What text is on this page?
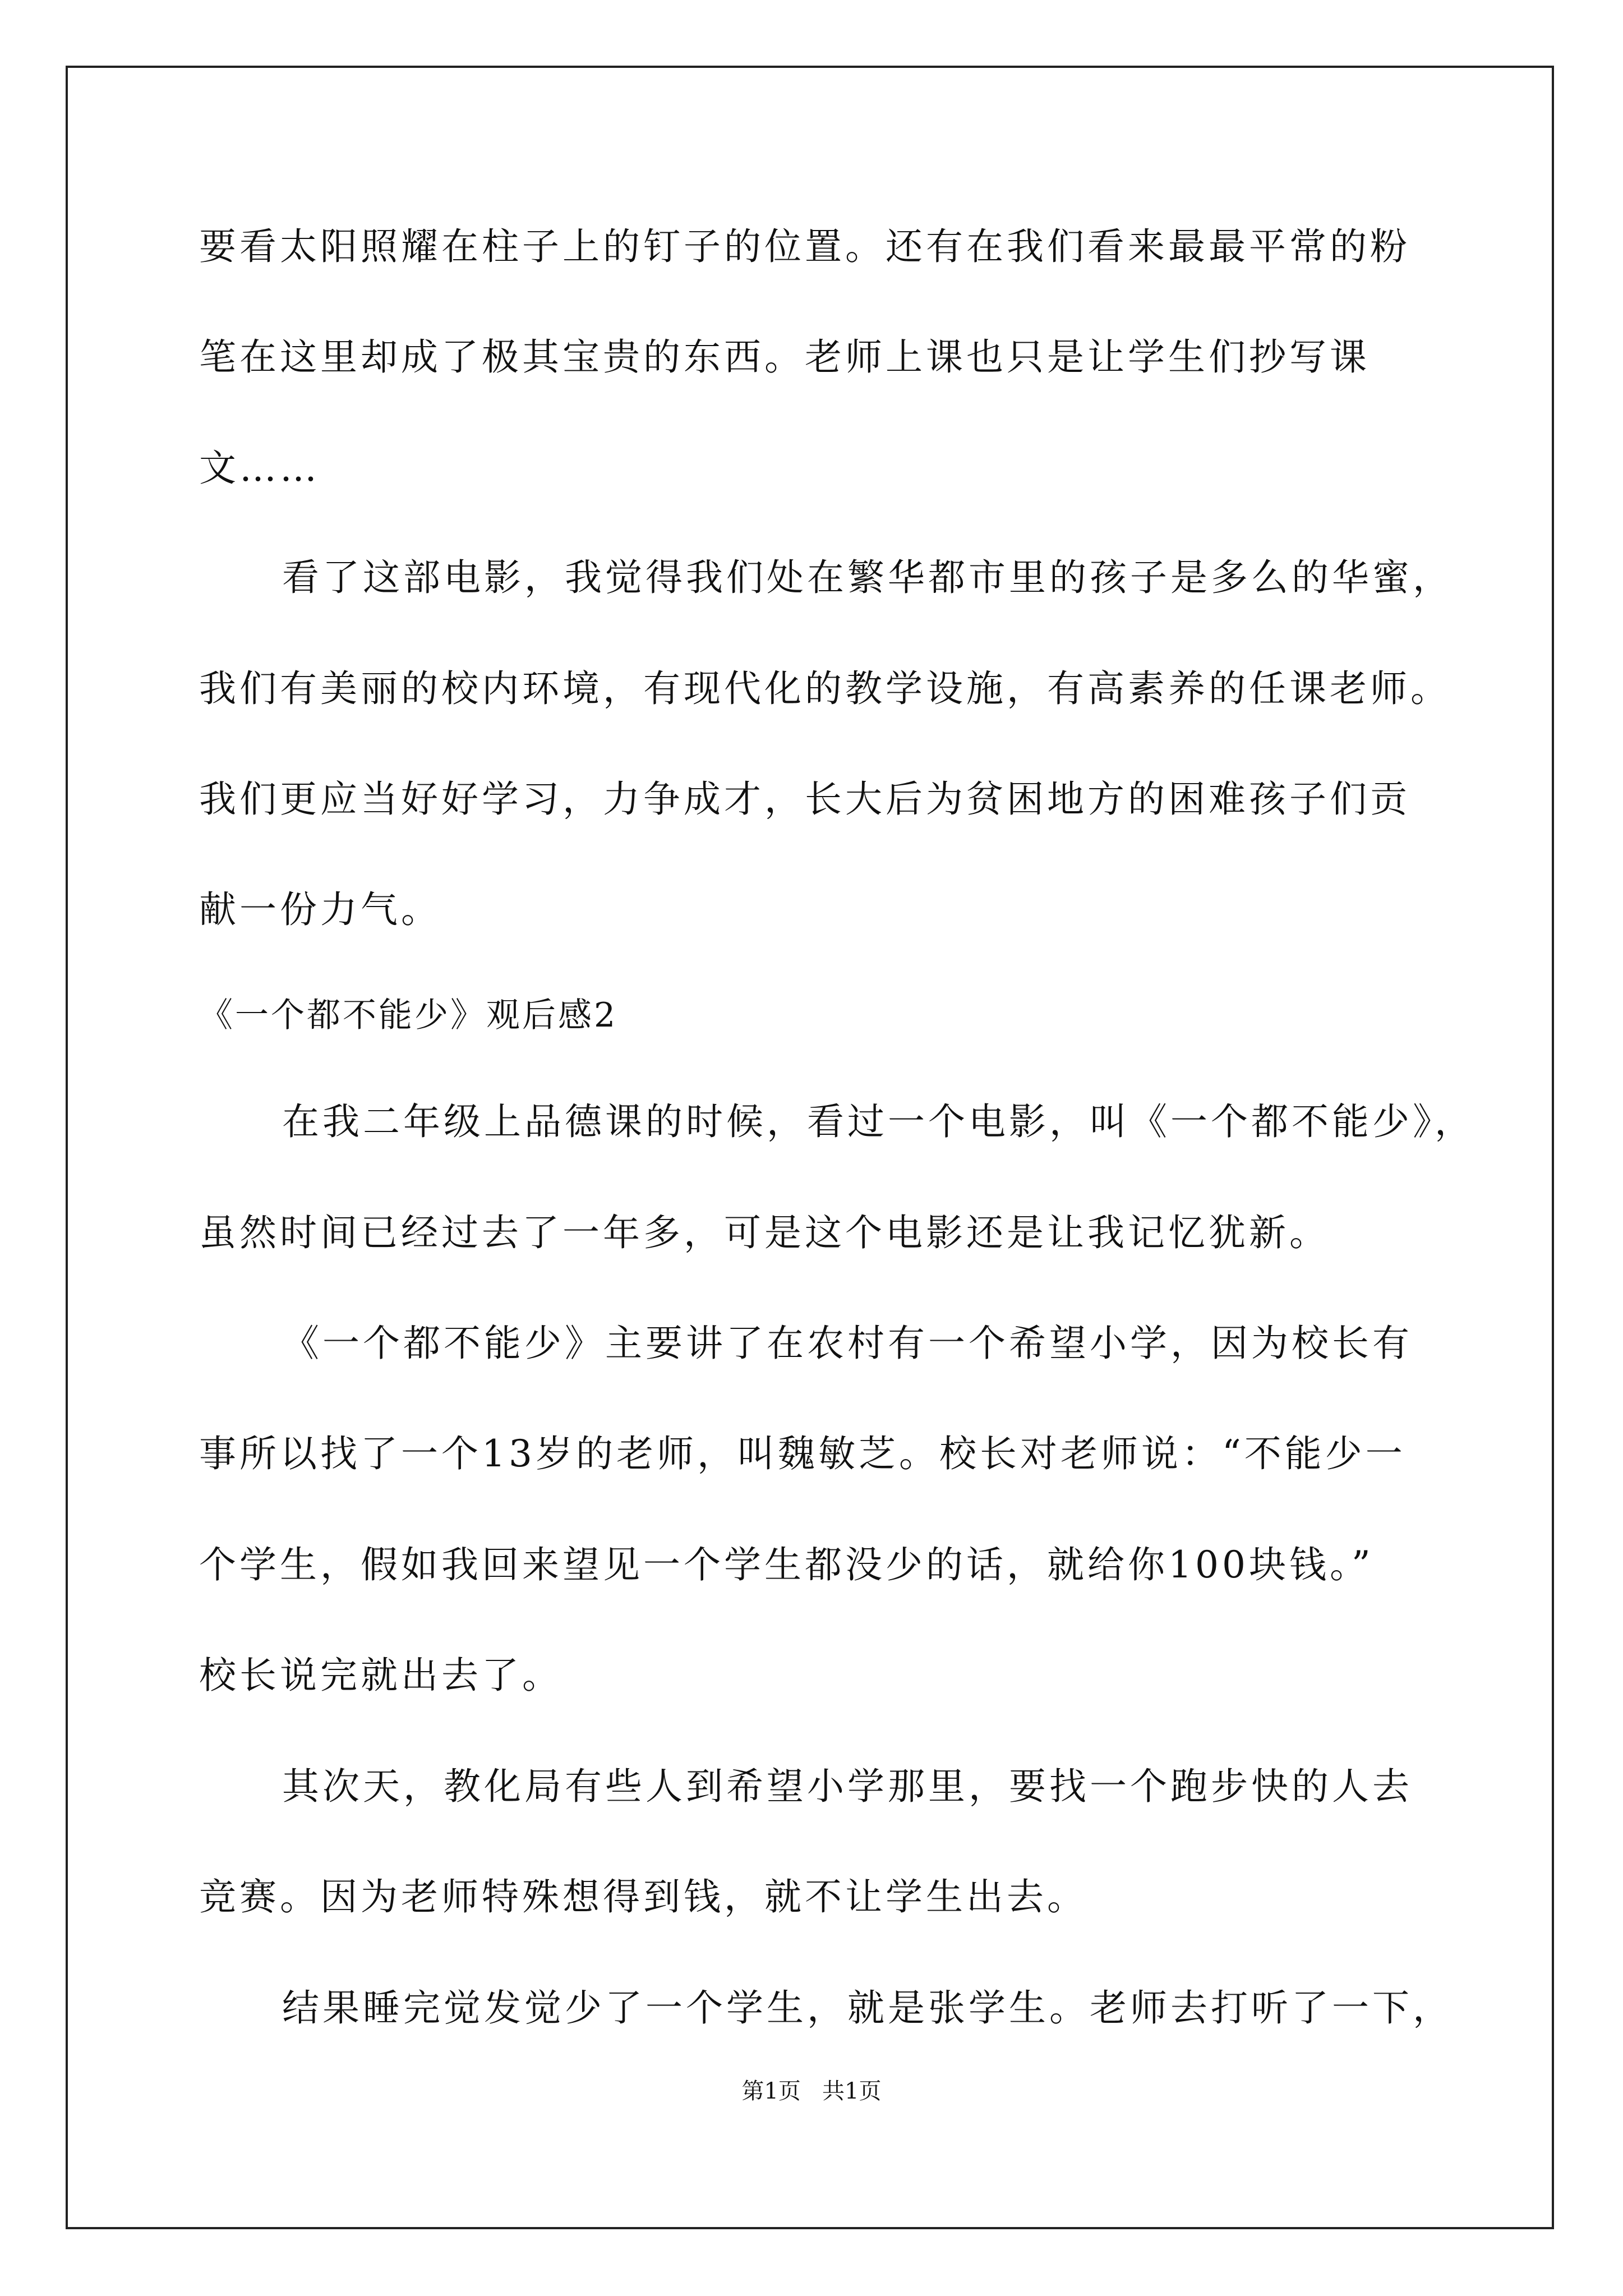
要看太阳照耀在柱子上的钉子的位置。还有在我们看来最最平常的粉
笔在这里却成了极其宝贵的东西。老师上课也只是让学生们抄写课
文……
看了这部电影，我觉得我们处在繁华都市里的孩子是多么的华蜜，
我们有美丽的校内环境，有现代化的教学设施，有高素养的任课老师。
我们更应当好好学习，力争成才，长大后为贫困地方的困难孩子们贡
献一份力气。
《一个都不能少》观后感2
在我二年级上品德课的时候，看过一个电影，叫《一个都不能少》，
虽然时间已经过去了一年多，可是这个电影还是让我记忆犹新。
《一个都不能少》主要讲了在农村有一个希望小学，因为校长有
事所以找了一个13岁的老师，叫魏敏芝。校长对老师说：“不能少一
个学生，假如我回来望见一个学生都没少的话，就给你100块钱。”
校长说完就出去了。
其次天，教化局有些人到希望小学那里，要找一个跑步快的人去
竞赛。因为老师特殊想得到钱，就不让学生出去。
结果睡完觉发觉少了一个学生，就是张学生。老师去打听了一下，
第1页   共1页
